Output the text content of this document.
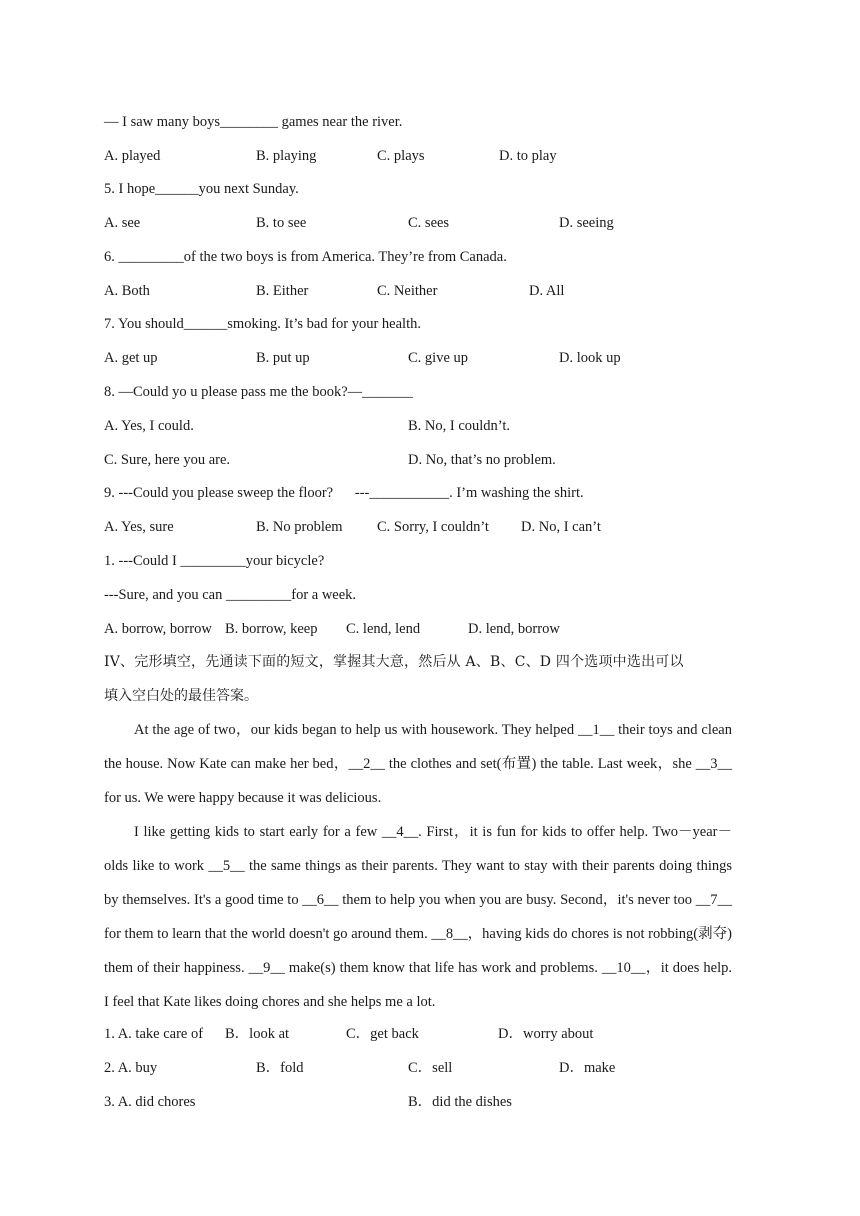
— I saw many boys________ games near the river.
A. played	B. playing	C. plays	D. to play
5. I hope______you next Sunday.
A. see	B. to see	C. sees	D. seeing
6. _________of the two boys is from America. They’re from Canada.
A. Both	B. Either	C. Neither	D. All
7. You should______smoking. It’s bad for your health.
A. get up	B. put up	C. give up	D. look up
8. —Could yo u please pass me the book?—_______
A. Yes, I could.	B. No, I couldn’t.
C. Sure, here you are.	D. No, that’s no problem.
9. ---Could you please sweep the floor?      ---___________. I’m washing the shirt.
A. Yes, sure	B. No problem C. Sorry, I couldn’t D. No, I can’t
1. ---Could I _________your bicycle?
---Sure, and you can _________for a week.
A. borrow, borrow B. borrow, keep C. lend, lend	D. lend, borrow
IV、完形填空，先通读下面的短文，掌握其大意，然后从 A、B、C、D 四个选项中选出可以
填入空白处的最佳答案。

At the age of two，our kids began to help us with housework. They helped __1__ their toys and clean the house. Now Kate can make her bed，__2__ the clothes and set(布置) the table. Last week，she __3__ for us. We were happy because it was delicious.

I like getting kids to start early for a few __4__. First，it is fun for kids to offer help. Two－year－olds like to work __5__ the same things as their parents. They want to stay with their parents doing things by themselves. It's a good time to __6__ them to help you when you are busy. Second，it's never too __7__ for them to learn that the world doesn't go around them. __8__，having kids do chores is not robbing(剥夺) them of their happiness. __9__ make(s) them know that life has work and problems. __10__，it does help. I feel that Kate likes doing chores and she helps me a lot.

1. A. take care of B．look at	C．get back	D．worry about
2. A. buy	B．fold	C．sell	D．make
3. A. did chores	B．did the dishes
